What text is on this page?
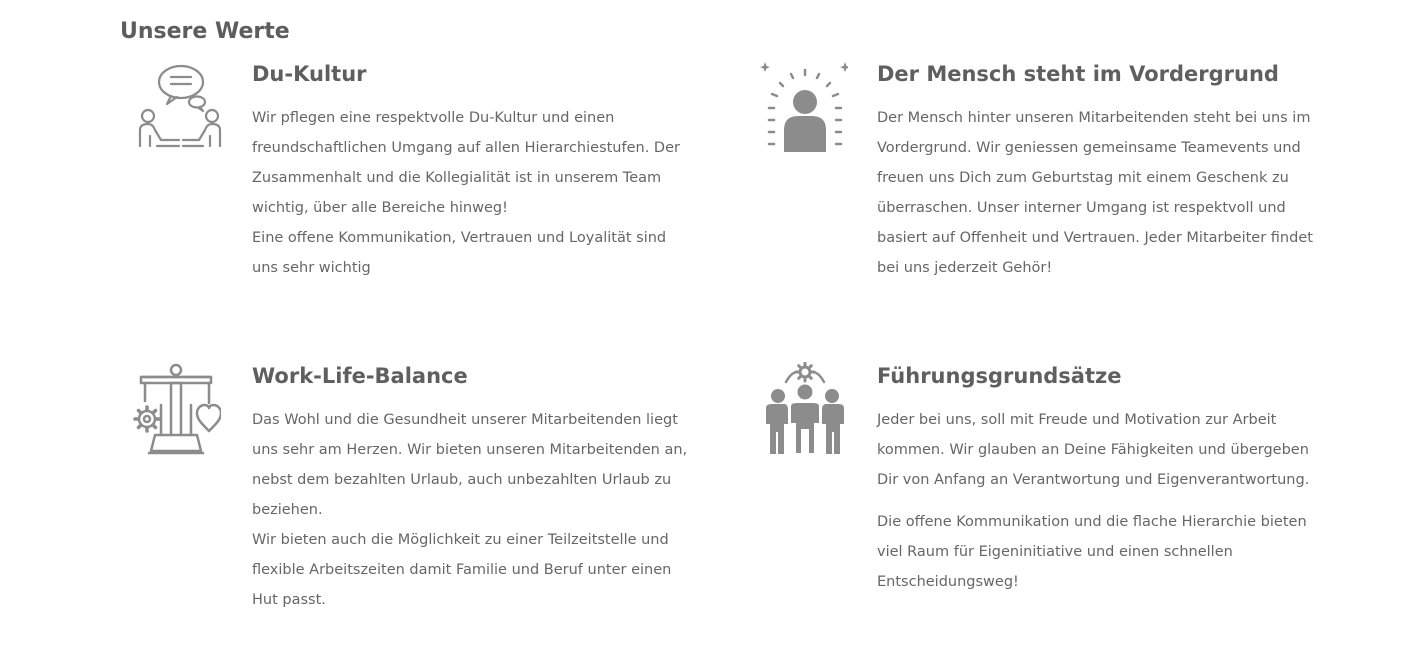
Unsere Werte
Du-Kultur

Wir pflegen eine respektvolle Du-Kultur und einen freundschaftlichen Umgang auf allen Hierarchiestufen. Der Zusammenhalt und die Kollegialität ist in unserem Team wichtig, über alle Bereiche hinweg!

Eine offene Kommunikation, Vertrauen und Loyalität sind uns sehr wichtig

Der Mensch steht im Vordergrund

Der Mensch hinter unseren Mitarbeitenden steht bei uns im Vordergrund. Wir geniessen gemeinsame Teamevents und freuen uns Dich zum Geburtstag mit einem Geschenk zu überraschen. Unser interner Umgang ist respektvoll und basiert auf Offenheit und Vertrauen. Jeder Mitarbeiter findet bei uns jederzeit Gehör!

Work-Life-Balance

Das Wohl und die Gesundheit unserer Mitarbeitenden liegt uns sehr am Herzen. Wir bieten unseren Mitarbeitenden an, nebst dem bezahlten Urlaub, auch unbezahlten Urlaub zu beziehen.

Wir bieten auch die Möglichkeit zu einer Teilzeitstelle und flexible Arbeitszeiten damit Familie und Beruf unter einen Hut passt.

Führungsgrundsätze

Jeder bei uns, soll mit Freude und Motivation zur Arbeit kommen. Wir glauben an Deine Fähigkeiten und übergeben Dir von Anfang an Verantwortung und Eigenverantwortung.

Die offene Kommunikation und die flache Hierarchie bieten viel Raum für Eigeninitiative und einen schnellen Entscheidungsweg!
